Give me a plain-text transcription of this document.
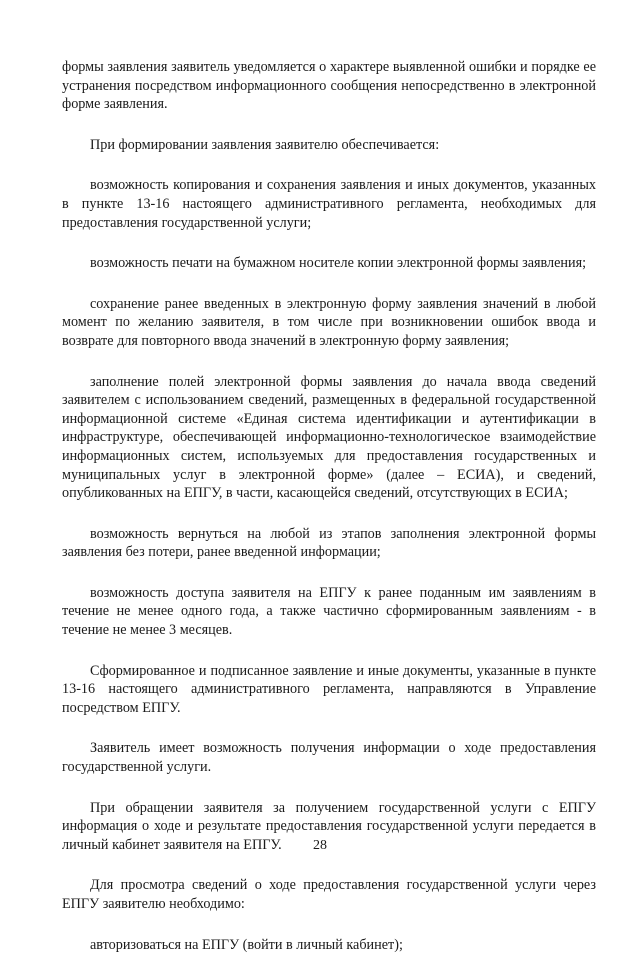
формы заявления заявитель уведомляется о характере выявленной ошибки и порядке ее устранения посредством информационного сообщения непосредственно в электронной форме заявления.

При формировании заявления заявителю обеспечивается:

возможность копирования и сохранения заявления и иных документов, указанных в пункте 13-16 настоящего административного регламента, необходимых для предоставления государственной услуги;

возможность печати на бумажном носителе копии электронной формы заявления;

сохранение ранее введенных в электронную форму заявления значений в любой момент по желанию заявителя, в том числе при возникновении ошибок ввода и возврате для повторного ввода значений в электронную форму заявления;

заполнение полей электронной формы заявления до начала ввода сведений заявителем с использованием сведений, размещенных в федеральной государственной информационной системе «Единая система идентификации и аутентификации в инфраструктуре, обеспечивающей информационно-технологическое взаимодействие информационных систем, используемых для предоставления государственных и муниципальных услуг в электронной форме» (далее – ЕСИА), и сведений, опубликованных на ЕПГУ, в части, касающейся сведений, отсутствующих в ЕСИА;

возможность вернуться на любой из этапов заполнения электронной формы заявления без потери, ранее введенной информации;

возможность доступа заявителя на ЕПГУ к ранее поданным им заявлениям в течение не менее одного года, а также частично сформированным заявлениям - в течение не менее 3 месяцев.

Сформированное и подписанное заявление и иные документы, указанные в пункте 13-16 настоящего административного регламента, направляются в Управление посредством ЕПГУ.

Заявитель имеет возможность получения информации о ходе предоставления государственной услуги.

При обращении заявителя за получением государственной услуги с ЕПГУ информация о ходе и результате предоставления государственной услуги передается в личный кабинет заявителя на ЕПГУ.

Для просмотра сведений о ходе предоставления государственной услуги через ЕПГУ заявителю необходимо:

авторизоваться на ЕПГУ (войти в личный кабинет);

28
